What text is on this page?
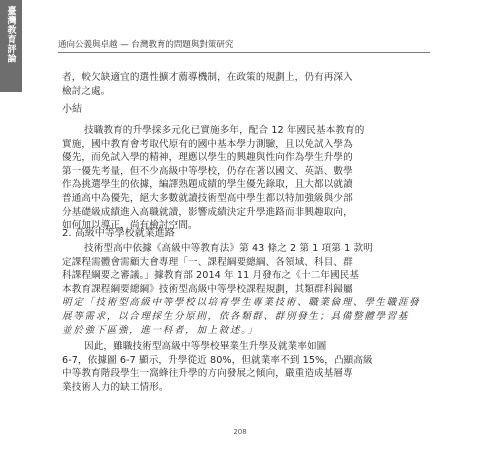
臺灣教育評論	通向公義與卓越 — 台灣教育的問題與對策研究

者，較欠缺適宜的選性擴才薦導機制，在政策的規劃上，仍有再深入

檢討之處。

小結

技職教育的升學採多元化已實施多年，配合 12 年國民基本教育的

實施，國中教育會考取代原有的國中基本學力測驗，且以免試入學為

優先，而免試入學的精神，理應以學生的興趣與性向作為學生升學的

第一優先考量，但不少高級中等學校，仍存在著以國文、英語、數學

作為挑選學生的依據，編譯熟題成績的學生優先錄取，且大都以就讀

普通高中為優先，絕大多數就讀技術型高中學生都以特加強級與少部

分基礎級成績進入高職就讀，影響成績決定升學進路而非興趣取向，

如何加以導正，尚有檢討空間。

2. 高級中等學校就業進路

技術型高中依據《高級中等教育法》第 43 條之 2 第 1 項第 1 款明

定課程需體會需顧大會專理「一、課程綱要總綱、各領域、科目、群

科課程綱要之審議。」據教育部 2014 年 11 月發布之《十二年國民基

本教育課程綱要總綱》技術型高級中等學校課程規劃，其類群科歸屬

明定「技術型高級中等學校以培育學生專業技術、職業倫理、學生職涯發

展等需求，以合理採生分原則，依各類群、群別發生；具備整體學習基

並於強下區強，進一科者，加上敘述。」

因此，雖職技術型高級中等學校畢業生升學及就業率如圖

6-7，依據圖 6-7 顯示，升學從近 80%，但就業率不到 15%，凸顯高級

中等教育階段學生一窩蜂往升學的方向發展之傾向，嚴重造成基層專

業技術人力的缺工情形。

208
